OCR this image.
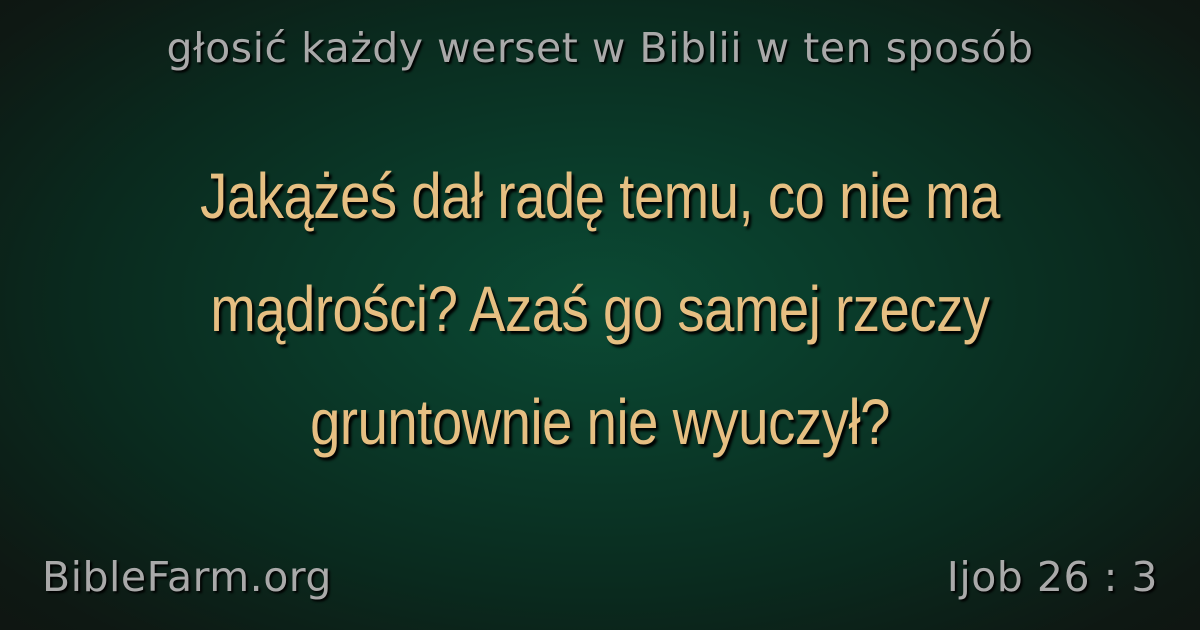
głosić każdy werset w Biblii w ten sposób
Jakążeś dał radę temu, co nie ma mądrości? Azaś go samej rzeczy gruntownie nie wyuczył?
BibleFarm.org	Ijob 26 : 3
